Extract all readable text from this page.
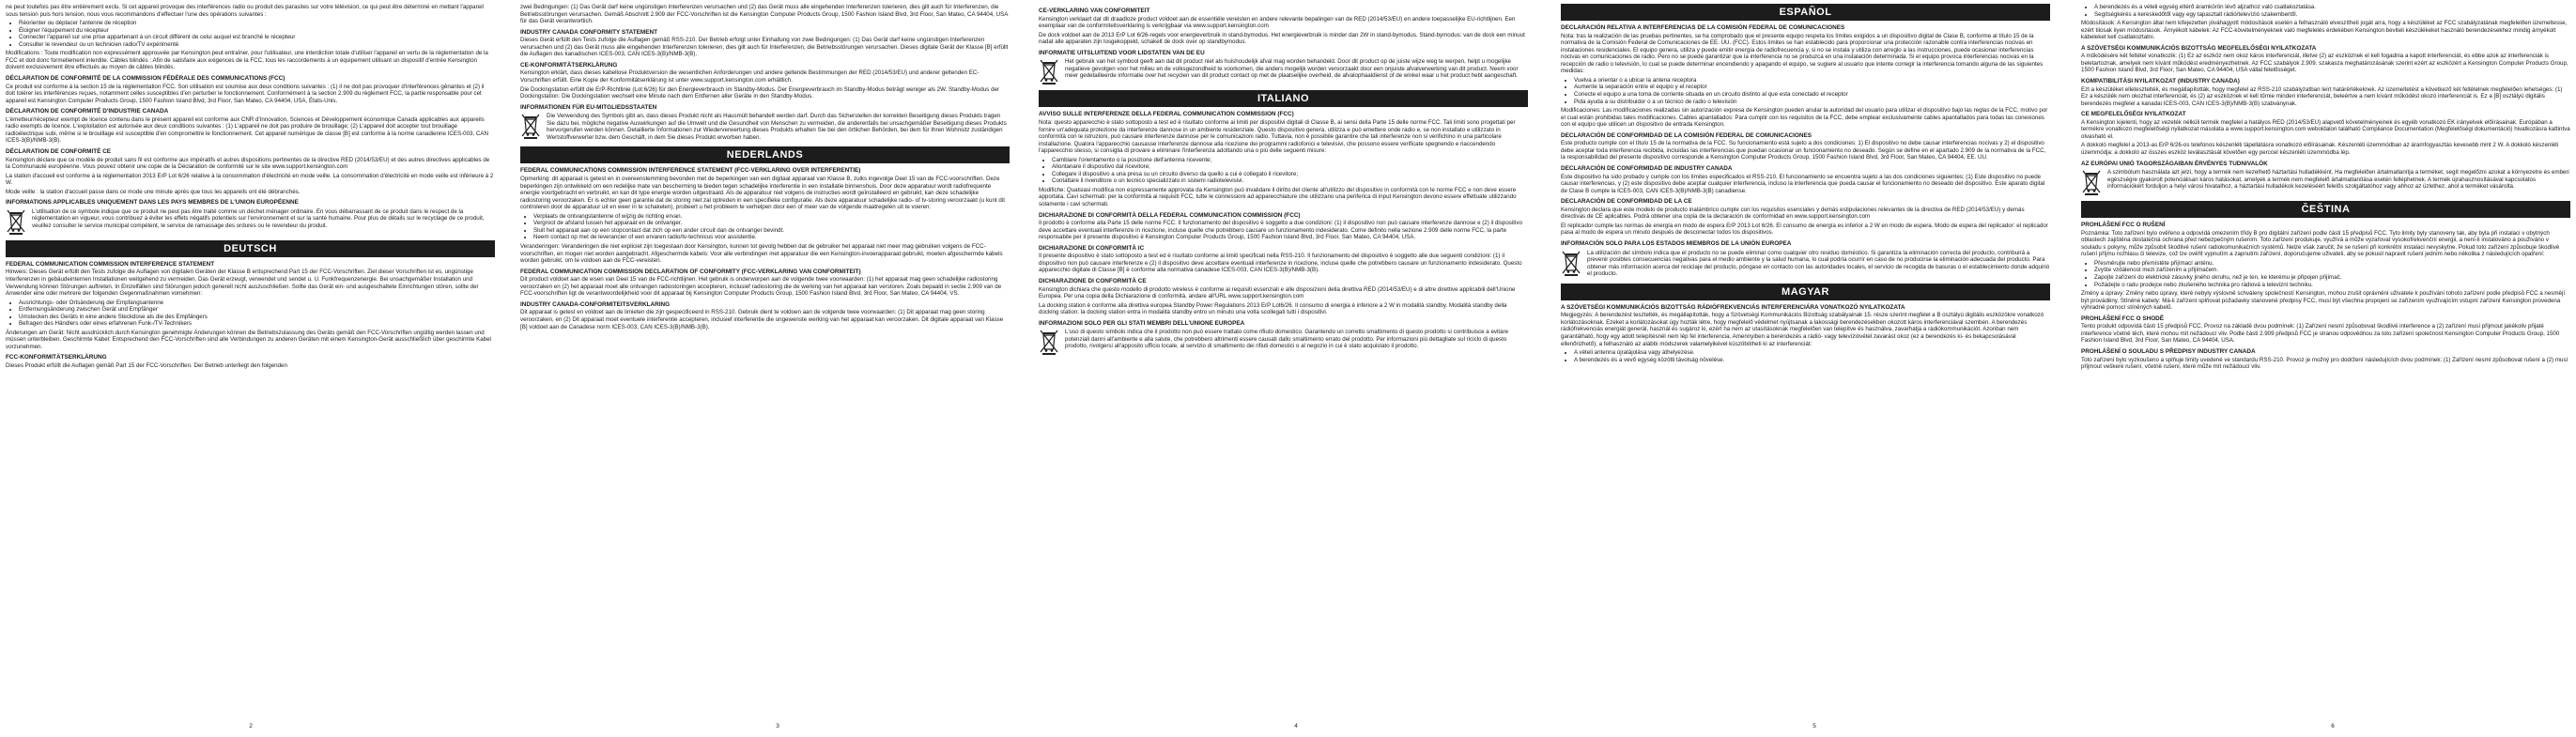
ne peut toutefois pas être entièrement exclu. Si cet appareil provoque des interférences radio ou produit des parasites sur votre télévision, ce qui peut être déterminé en mettant l'appareil sous tension puis hors tension, nous vous recommandons d'effectuer l'une des opérations suivantes :

• Réorienter ou déplacer l'antenne de réception
• Éloigner l'équipement du récepteur
• Connecter l'appareil sur une prise appartenant à un circuit différent de celui auquel est branché le récepteur
• Consulter le revendeur ou un technicien radio/TV expérimenté

Modifications : Toute modification non expressément approuvée par Kensington peut entraîner, pour l'utilisateur, une interdiction totale d'utiliser l'appareil en vertu de la réglementation de la FCC et doit donc formellement interdite. Câbles blindés : Afin de satisfaire aux exigences de la FCC, tous les raccordements à un équipement utilisant un dispositif d'entrée Kensington doivent exclusivement être effectués au moyen de câbles blindés.

DÉCLARATION DE CONFORMITÉ DE LA COMMISSION FÉDÉRALE DES COMMUNICATIONS (FCC)

Ce produit est conforme à la section 15 de la réglementation FCC. Son utilisation est soumise aux deux conditions suivantes : (1) il ne doit pas provoquer d'interférences gênantes et (2) il doit tolérer les interférences reçues, notamment celles susceptibles d'en perturber le fonctionnement. Conformément à la section 2.909 du règlement FCC, la partie responsable pour cet appareil est Kensington Computer Products Group, 1500 Fashion Island Blvd, 3rd Floor, San Mateo, CA 94404, USA, États-Unis.

DÉCLARATION DE CONFORMITÉ D'INDUSTRIE CANADA

L'émetteur/récepteur exempt de licence contenu dans le présent appareil est conforme aux CNR d'Innovation, Sciences et Développement économique Canada applicables aux appareils radio exempts de licence. L'exploitation est autorisée aux deux conditions suivantes : (1) L'appareil ne doit pas produire de brouillage; (2) L'appareil doit accepter tout brouillage radioélectrique subi, même si le brouillage est susceptible d'en compromettre le fonctionnement. Cet appareil numérique de classe [B] est conforme à la norme canadienne ICES-003, CAN ICES-3(B)/NMB-3(B).

DÉCLARATION DE CONFORMITÉ CE

Kensington déclare que ce modèle de produit sans fil est conforme aux impératifs et autres dispositions pertinentes de la directive RED (2014/53/EU) et des autres directives applicables de la Communauté européenne. Vous pouvez obtenir une copie de la Déclaration de conformité sur le site www.support.kensington.com

La station d'accueil est conforme à la réglementation 2013 ErP Lot 6/26 relative à la consommation d'électricité en mode veille. La consommation d'électricité en mode veille est inférieure à 2 W.

Mode veille : la station d'accueil passe dans ce mode une minute après que tous les appareils ont été débranchés.

INFORMATIONS APPLICABLES UNIQUEMENT DANS LES PAYS MEMBRES DE L'UNION EUROPÉENNE

L'utilisation de ce symbole indique que ce produit ne peut pas être traité comme un déchet ménager ordinaire. En vous débarrassant de ce produit dans le respect de la réglementation en vigueur, vous contribuez à éviter les effets négatifs potentiels sur l'environnement et sur la santé humaine. Pour plus de détails sur le recyclage de ce produit, veuillez consulter le service municipal compétent, le service de ramassage des ordures ou le revendeur du produit.

DEUTSCH
FEDERAL COMMUNICATION COMMISSION INTERFERENCE STATEMENT

Hinweis: Dieses Gerät erfüllt den Tests zufolge die Auflagen von digitalen Geräten der Klasse B entsprechend Part 15 der FCC-Vorschriften. Ziel dieser Vorschriften ist es, ungünstige Interferenzen in gebäudeinternen Installationen weitgehend zu vermeiden. Das Gerät erzeugt, verwendet und sendet u. U. Funkfrequenzenergie. Bei unsachgemäßer Installation und Verwendung können Störungen auftreten. In Einzelfällen sind Störungen jedoch generell nicht auszuschließen. Sollte das Gerät ein- und ausgeschaltete Einrichtungen stören, sollte der Anwender eine oder mehrere der folgenden Gegenmaßnahmen vornehmen:

• Ausrichtungs- oder Ortsänderung der Empfangsantenne
• Entfernungsänderung zwischen Gerät und Empfänger
• Umstecken des Geräts in eine andere Steckdose als die des Empfängers
• Befragen des Händlers oder eines erfahrenen Funk-/TV-Technikers

Änderungen am Gerät: Nicht ausdrücklich durch Kensington genehmigte Änderungen können die Betriebszulassung des Geräts gemäß den FCC-Vorschriften ungültig werden lassen und müssen unterbleiben. Geschirmte Kabel: Entsprechend den FCC-Vorschriften sind alle Verbindungen zu anderen Geräten mit einem Kensington-Gerät ausschließlich über geschirmte Kabel vorzunehmen.

FCC-KONFORMITÄTSERKLÄRUNG

Dieses Produkt erfüllt die Auflagen gemäß Part 15 der FCC-Vorschriften. Der Betrieb unterliegt den folgenden

zwei Bedingungen: (1) Das Gerät darf keine ungünstigen Interferenzen verursachen und (2) das Gerät muss alle eingehenden Interferenzen tolerieren, dies gilt auch für Interferenzen, die Betriebsstörungen verursachen. Gemäß Abschnitt 2.909 der FCC-Vorschriften ist die Kensington Computer Products Group, 1500 Fashion Island Blvd, 3rd Floor, San Mateo, CA 94404, USA für das Gerät verantwortlich.

INDUSTRY CANADA CONFORMITY STATEMENT

Dieses Gerät erfüllt den Tests zufolge die Auflagen gemäß RSS-210. Der Betrieb erfolgt unter Einhaltung von zwei Bedingungen: (1) Das Gerät darf keine ungünstigen Interferenzen verursachen und (2) das Gerät muss alle eingehenden Interferenzen tolerieren, dies gilt auch für Interferenzen, die Betriebsstörungen verursachen. Dieses digitale Gerät der Klasse [B] erfüllt die Auflagen des kanadischen ICES-003, CAN ICES-3(B)/NMB-3(B).

CE-KONFORMITÄTSERKLÄRUNG

Kensington erklärt, dass dieses kabellose Produktversion die wesentlichen Anforderungen und andere geltende Bestimmungen der RED (2014/53/EU) und anderer geltenden EC-Vorschriften erfüllt. Eine Kopie der Konformitätserklärung ist unter www.support.kensington.com erhältlich.

Die Dockingstation erfüllt die ErP-Richtlinie (Lot 6/26) für den Energieverbrauch im Standby-Modus. Der Energieverbrauch im Standby-Modus beträgt weniger als 2W. Standby-Modus der Dockingstation: Die Dockingstation wechselt eine Minute nach dem Entfernen aller Geräte in den Standby-Modus.

INFORMATIONEN FÜR EU-MITGLIEDSSTAATEN

Die Verwendung des Symbols gibt an, dass dieses Produkt nicht als Hausmüll behandelt werden darf. Durch das Sicherstellen der korrekten Beseitigung dieses Produkts tragen Sie dazu bei, mögliche negative Auswirkungen auf die Umwelt und die Gesundheit von Menschen zu vermeiden, die anderenfalls bei unsachgemäßer Beseitigung dieses Produkts hervorgerufen werden können. Detaillierte Informationen zur Wiederverwertung dieses Produkts erhalten Sie bei den örtlichen Behörden, bei dem für Ihren Wohnsitz zuständigen Wertstoffverwerter bzw. dem Geschäft, in dem Sie dieses Produkt erworben haben.

NEDERLANDS
FEDERAL COMMUNICATIONS COMMISSION INTERFERENCE STATEMENT (FCC-VERKLARING OVER INTERFERENTIE)

Opmerking: dit apparaat is getest en in overeenstemming bevonden met de beperkingen van een digitaal apparaat van Klasse B, zulks ingevolge Deel 15 van de FCC-voorschriften. Deze beperkingen zijn ontwikkeld om een redelijke mate van bescherming te bieden tegen schadelijke interferentie in een installatie binnenshuis. Door deze apparatuur wordt radiofrequente energie voortgebracht en verbruikt, en kan dit type energie worden uitgestraald. Als de apparatuur niet volgens de instructies wordt geïnstalleerd en gebruikt, kan deze schadelijke radiostoring veroorzaken. Er is echter geen garantie dat de storing niet zal optreden in een specifieke configuratie. Als deze apparatuur schadelijke radio- of tv-storing veroorzaakt (u kunt dit controleren door de apparatuur uit en weer in te schakelen), probeert u het probleem te verhelpen door een of meer van de volgende maatregelen uit te voeren:

• Verplaats de ontvangstantenne of wijzig de richting ervan.
• Vergroot de afstand tussen het apparaat en de ontvanger.
• Sluit het apparaat aan op een stopcontact dat zich op een ander circuit dan de ontvanger bevindt.
• Neem contact op met de leverancier of een ervaren radio/tv-technicus voor assistentie.

Veranderingen: Veranderingen die niet expliciet zijn toegestaan door Kensington, kunnen tot gevolg hebben dat de gebruiker het apparaat niet meer mag gebruiken volgens de FCC-voorschriften, en mogen niet worden aangebracht. Afgeschermde kabels: Voor alle verbindingen met apparatuur die een Kensington-invoerapparaat gebruikt, moeten afgeschermde kabels worden gebruikt, om te voldoen aan de FCC-vereisten.

FEDERAL COMMUNICATION COMMISSION DECLARATION OF CONFORMITY (FCC-VERKLARING VAN CONFORMITEIT)

Dit product voldoet aan de eisen van Deel 15 van de FCC-richtlijnen. Het gebruik is onderworpen aan de volgende twee voorwaarden: (1) het apparaat mag geen schadelijke radiostoring veroorzaken en (2) het apparaat moet alle ontvangen radiostoringen accepteren, inclusief radiostoring die de werking van het apparaat kan verstoren. Zoals bepaald in sectie 2.909 van de FCC-voorschriften ligt de verantwoordelijkheid voor dit apparaat bij Kensington Computer Products Group, 1500 Fashion Island Blvd, 3rd Floor, San Mateo, CA 94404, VS.

INDUSTRY CANADA-CONFORMITEITSVERKLARING

Dit apparaat is getest en voldoet aan de limieten die zijn gespecificeerd in RSS-210. Gebruik dient te voldoen aan de volgende twee voorwaarden: (1) Dit apparaat mag geen storing veroorzaken, en (2) Dit apparaat moet eventuele interferentie accepteren, inclusief interferentie die ongewenste werking van het apparaat kan veroorzaken. Dit digitale apparaat van Klasse [B] voldoet aan de Canadese norm ICES-003, CAN ICES-3(B)/NMB-3(B).

CE-VERKLARING VAN CONFORMITEIT

Kensington verklaart dat dit draadloze product voldoet aan de essentiële vereisten en andere relevante bepalingen van de RED (2014/53/EU) en andere toepasselijke EU-richtlijnen. Een exemplaar van de conformiteitsverklaring is verkrijgbaar via www.support.kensington.com

De dock voldoet aan de 2013 ErP Lot 6/26-regels voor energieverbruik in stand-bymodus. Het energieverbruik is minder dan 2W in stand-bymodus. Stand-bymodus: van de dock een minuut nadat alle apparaten zijn losgekoppeld, schakelt de dock over op standbymodus.

INFORMATIE UITSLUITEND VOOR LIDSTATEN VAN DE EU

Het gebruik van het symbool geeft aan dat dit product niet als huishoudelijk afval mag worden behandeld. Door dit product op de juiste wijze weg te werpen, helpt u mogelijke negatieve gevolgen voor het milieu en de volksgezondheid te voorkomen, die anders mogelijk worden veroorzaakt door een onjuiste afvalverwerking van dit product. Neem voor meer gedetailleerde informatie over het recyclen van dit product contact op met de plaatselijke overheid, de afvalophaaldienst of de winkel waar u het product hebt aangeschaft.

ITALIANO
AVVISO SULLE INTERFERENZE DELLA FEDERAL COMMUNICATION COMMISSION (FCC)

Nota: questo apparecchio è stato sottoposto a test ed è risultato conforme ai limiti per dispositivi digitali di Classe B, ai sensi della Parte 15 delle norme FCC. Tali limiti sono progettati per fornire un'adeguata protezione da interferenze dannose in un ambiente residenziale. Questo dispositivo genera, utilizza e può emettere onde radio e, se non installato e utilizzato in conformità con le istruzioni, può causare interferenze dannose per le comunicazioni radio. Tuttavia, non è possibile garantire che tali interferenze non si verifichino in una particolare installazione. Qualora l'apparecchio causasse interferenze dannose alla ricezione dei programmi radiofonici e televisivi, che possono essere verificate spegnendo e riaccendendo l'apparecchio stesso, si consiglia di provare a eliminare l'interferenza adottando una o più delle seguenti misure:

• Cambiare l'orientamento o la posizione dell'antenna ricevente;
• Allontanare il dispositivo dal ricevitore;
• Collegare il dispositivo a una presa su un circuito diverso da quello a cui è collegato il ricevitore;
• Contattare il rivenditore o un tecnico specializzato in sistemi radiotelevisivi.

Modifiche: Qualsiasi modifica non espressamente approvata da Kensington può invalidare il diritto del cliente all'utilizzo del dispositivo in conformità con le norme FCC e non deve essere apportata. Cavi schermati: per la conformità ai requisiti FCC, tutte le connessioni ad apparecchiature che utilizzano una periferica di input Kensington devono essere effettuate utilizzando solamente i cavi schermati.

DICHIARAZIONE DI CONFORMITÀ DELLA FEDERAL COMMUNICATION COMMISSION (FCC)

Il prodotto è conforme alla Parte 15 delle norme FCC. Il funzionamento del dispositivo è soggetto a due condizioni: (1) il dispositivo non può causare interferenze dannose e (2) il dispositivo deve accettare eventuali interferenze in ricezione, incluse quelle che potrebbero causare un funzionamento indesiderato. Come definito nella sezione 2.909 delle norme FCC, la parte responsabile per il presente dispositivo è Kensington Computer Products Group, 1500 Fashion Island Blvd, 3rd Floor, San Mateo, CA 94404, USA.

DICHIARAZIONE DI CONFORMITÀ IC

Il presente dispositivo è stato sottoposto a test ed è risultato conforme ai limiti specificati nella RSS-210. Il funzionamento del dispositivo è soggetto alle due seguenti condizioni: (1) il dispositivo non può causare interferenze e (2) il dispositivo deve accettare eventuali interferenze in ricezione, incluse quelle che potrebbero causare un funzionamento indesiderato. Questo apparecchio digitale di Classe [B] è conforme alla normativa canadese ICES-003, CAN ICES-3(B)/NMB-3(B).

DICHIARAZIONE DI CONFORMITÀ CE

Kensington dichiara che questo modello di prodotto wireless è conforme ai requisiti essenziali e alle disposizioni della direttiva RED (2014/53/EU) e di altre direttive applicabili dell'Unione Europea. Per una copia della Dichiarazione di conformità, andare all'URL www.support.kensington.com

La docking station è conforme alla direttiva europea Standby Power Regulations 2013 ErP Lot6/26. Il consumo di energia è inferiore a 2 W in modalità standby. Modalità standby della docking station: la docking station entra in modalità standby entro un minuto una volta scollegati tutti i dispositivi.

INFORMAZIONI SOLO PER GLI STATI MEMBRI DELL'UNIONE EUROPEA

L'uso di questo simbolo indica che il prodotto non può essere trattato come rifiuto domestico. Garantendo un corretto smaltimento di questo prodotto si contribuisce a evitare potenziali danni all'ambiente e alla salute, che potrebbero altrimenti essere causati dallo smaltimento errato del prodotto. Per informazioni più dettagliate sul riciclo di questo prodotto, rivolgersi all'apposito ufficio locale, al servizio di smaltimento dei rifiuti domestici o al negozio in cui è stato acquistato il prodotto.

ESPAÑOL
DECLARACIÓN RELATIVA A INTERFERENCIAS DE LA COMISIÓN FEDERAL DE COMUNICACIONES

Nota: tras la realización de las pruebas pertinentes, se ha comprobado que el presente equipo respeta los límites exigidos a un dispositivo digital de Clase B, conforme al título 15 de la normativa de la Comisión Federal de Comunicaciones de EE. UU. (FCC). Estos límites se han establecido para proporcionar una protección razonable contra interferencias nocivas en instalaciones residenciales. El equipo genera, utiliza y puede emitir energía de radiofrecuencia y, si no se instala y utiliza con arreglo a las instrucciones, puede ocasionar interferencias nocivas en comunicaciones de radio. Pero no se puede garantizar que la interferencia no se produzca en una instalación determinada. Si el equipo provoca interferencias nocivas en la recepción de radio o televisión, lo cual se puede determinar encendiendo y apagando el equipo, se sugiere al usuario que intente corregir la interferencia tomando alguna de las siguientes medidas:

• Vuelva a orientar o a ubicar la antena receptora
• Aumente la separación entre el equipo y el receptor
• Conecte el equipo a una toma de corriente situada en un circuito distinto al que esta conectado el receptor
• Pida ayuda a su distribuidor o a un técnico de radio o televisión

Modificaciones: Las modificaciones realizadas sin autorización expresa de Kensington pueden anular la autoridad del usuario para utilizar el dispositivo bajo las reglas de la FCC, motivo por el cual están prohibidas tales modificaciones. Cables apantallados: Para cumplir con los requisitos de la FCC, debe emplear exclusivamente cables apantallados para todas las conexiones con el equipo que utilicen un dispositivo de entrada Kensington.

DECLARACIÓN DE CONFORMIDAD DE LA COMISIÓN FEDERAL DE COMUNICACIONES

Este producto cumple con el título 15 de la normativa de la FCC. Su funcionamiento está sujeto a dos condiciones: 1) El dispositivo no debe causar interferencias nocivas y 2) el dispositivo debe aceptar toda interferencia recibida, incluidas las interferencias que puedan ocasionar un funcionamiento no deseado. Según se define en el apartado 2.909 de la normativa de la FCC, la responsabilidad del presente dispositivo corresponde a Kensington Computer Products Group, 1500 Fashion Island Blvd, 3rd Floor, San Mateo, CA 94404, EE. UU.

DECLARACIÓN DE CONFORMIDAD DE INDUSTRY CANADA

Este dispositivo ha sido probado y cumple con los límites especificados el RSS-210. El funcionamiento se encuentra sujeto a las dos condiciones siguientes: (1) Este dispositivo no puede causar interferencias, y (2) este dispositivo debe aceptar cualquier interferencia, incluso la interferencia que pueda causar el funcionamiento no deseado del dispositivo. Este aparato digital de Clase B cumple la ICES-003, CAN ICES-3(B)/NMB-3(B) canadiense.

DECLARACIÓN DE CONFORMIDAD DE LA CE

Kensington declara que este modelo de producto inalámbrico cumple con los requisitos esenciales y demás estipulaciones relevantes de la directiva de RED (2014/53/EU) y demás directivas de CE aplicables. Podrá obtener una copia de la declaración de conformidad en www.support.kensington.com

El replicador cumple las normas de energía en modo de espera ErP 2013 Lot 6/26. El consumo de energía es inferior a 2 W en modo de espera. Modo de espera del replicador: el replicador pasa al modo de espera un minuto después de desconectar todos los dispositivos.

INFORMACIÓN SOLO PARA LOS ESTADOS MIEMBROS DE LA UNIÓN EUROPEA

La utilización del símbolo indica que el producto no se puede eliminar como cualquier otro residuo doméstico. Si garantiza la eliminación correcta del producto, contribuirá a prevenir posibles consecuencias negativas para el medio ambiente y la salud humana, lo cual podría ocurrir en caso de no producirse la eliminación adecuada del producto. Para obtener más información acerca del reciclaje del producto, póngase en contacto con las autoridades locales, el servicio de recogida de basuras o el establecimiento donde adquirió el producto.

MAGYAR
A SZÖVETSÉGI KOMMUNIKÁCIÓS BIZOTTSÁG RÁDIÓFREKVENCIÁS INTERFERENCIÁRA VONATKOZÓ NYILATKOZATA

Megjegyzés: A berendezést tesztelték, és megállapították, hogy a Szövetségi Kommunikációs Bizottság szabályainak 15. része szerint megfelel a B osztályú digitális eszközökre vonatkozó korlátozásoknak. Ezeket a korlátozásokat úgy hozták létre, hogy megfelelő védelmet nyújtsanak a lakossági berendezésekben okozott káros interferenciával szemben. A berendezés rádiófrekvenciás energiát generál, használ és sugároz ki, ezért ha nem az utasításoknak megfelelően van telepítve és használva, zavarhatja a rádiókommunikációt. Azonban nem garantálható, hogy egy adott telepítésnél nem lép fel interferencia. Amennyiben a berendezés a rádió- vagy televízióvétel zavarást okoz (ez a berendezés ki- és bekapcsolásával ellenőrizhető), a felhasználó az alábbi módszerek valamelyikével küszöbölheti ki az interferenciát:

• A vételi antenna újratájolása vagy áthelyezése.
• A berendezés és a vevő egység közötti távolság növelése.
• A berendezés és a vételi egység eltérő áramkörön lévő aljzathoz való csatlakoztatása.
• Segítségkérés a kereskedőtől vagy egy tapasztalt rádió/televízió szakembertől.

Módosítások: A Kensington által nem kifejezetten jóváhagyott módosítások esetén a felhasználó elveszítheti jogát arra, hogy a készüléket az FCC szabályzatának megfelelően üzemeltesse, ezért tilosak ilyen módosítások. Árnyékolt kábelek: Az FCC-követelményeknek való megfelelés érdekében Kensington beviteli készülékeket használó berendezésekhez mindig árnyékolt kábeleket kell csatlakoztatni.

A SZÖVETSÉGI KOMMUNIKÁCIÓS BIZOTTSÁG MEGFELELŐSÉGI NYILATKOZATA

A működésére két feltétel vonatkozik: (1) Ez az eszköz nem okoz káros interferenciát, illetve (2) az eszköznek el kell fogadnia a kapott interferenciát, és ebbe azok az interferenciák is beletartoznak, amelyek nem kívánt működést eredményezhetnek. Az FCC szabályok 2.909. szakasza meghatározásának szerint ezért az eszközért a Kensington Computer Products Group, 1500 Fashion Island Blvd, 3rd Floor, San Mateo, CA 94404, USA vállal felelősséget.

KOMPATIBILITÁSI NYILATKOZAT (INDUSTRY CANADA)

Ezt a készüléket elletesztelték, és megállapították, hogy megfelel az RSS-210 szabályzatban leírt határértékeknek. Az üzemeltetést a következő két feltételnek megfelelően lehetséges: (1) Ez a készülék nem okozhat interferenciát, és (2) az eszköznek el kell tűrnie minden interferenciát, beleértve a nem kívánt működést okozó interferenciát is. Ez a [B] osztályú digitális berendezés megfelel a kanadai ICES-003, CAN ICES-3(B)/NMB-3(B) szabványnak.

CE MEGFELELŐSÉGI NYILATKOZAT

A Kensington kijelenti, hogy az vezeték nélküli termék megfelel a hatályos RED (2014/53/EU) alapvető követelményeinek és egyéb vonatkozó EK irányelvek előírásainak. Európában a termékre vonatkozó megfelelőségi nyilatkozat másolata a www.support.kensington.com weboldalon található Compliance Documentation (Megfelelőségi dokumentáció) hivatkozásra kattintva olvasható el.

A dokkoló megfelel a 2013-as ErP 6/26-os telefonos készenléti tápellátásra vonatkozó előírásainak. Készenléti üzemmódban az áramfogyasztás kevesebb mint 2 W. A dokkoló készenléti üzemmódja: a dokkoló az összes eszköz leválasztását követően egy perccel készenléti üzemmódba lép.

AZ EURÓPAI UNIÓ TAGORSZÁGAIBAN ÉRVÉNYES TUDNIVALÓK

A szimbólum használata azt jelzi, hogy a termék nem kezelhető háztartási hulladékként. Ha megfelelően ártalmatlanítja a terméket, segít megelőzni azokat a környezetre és emberi egészségre gyakorolt potenciálisan káros hatásokat, amelyek a termék nem megfelelő ártalmatlanítása esetén felléphetnek. A termék újrahasznosításával kapcsolatos információkért forduljon a helyi városi hivatalhoz, a háztartási hulladékok kezeléséért felelős szolgáltatóhoz vagy ahhoz az üzlethez, ahol a terméket vásárolta.

ČEŠTINA
PROHLÁŠENÍ FCC O RUŠENÍ

Poznámka: Toto zařízení bylo ověřeno a odpovídá omezením třídy B pro digitální zařízení podle části 15 předpisů FCC. Tyto limity byly stanoveny tak, aby byla při instalaci v obytných oblastech zajištěna dostatečná ochrana před nebezpečným rušením. Toto zařízení produkuje, využívá a může vyzařovat vysokofrekvenční energii, a není-li instalováno a používáno v souladu s pokyny, může způsobit škodlivé rušení radiokomunikačních systémů. Nelze však zaručit, že se rušení při konkrétní instalaci nevyskytne. Pokud toto zařízení způsobuje škodlivé rušení příjmu rozhlasu či televize, což lze ověřit vypnutím a zapnutím zařízení, doporučujeme uživateli, aby se pokusil napravit rušení jedním nebo několika z následujících opatření:

• Přesměrujte nebo přemístěte přijímací anténu.
• Zvyšte vzdálenost mezi zařízením a přijímačem.
• Zapojte zařízení do elektrické zásuvky jiného okruhu, než je ten, ke kterému je připojen přijímač.
• Požádejte o radu prodejce nebo zkušeného technika pro rádiová a televizní techniku.

Změny a úpravy: Změny nebo úpravy, které nebyly výslovně schváleny společností Kensington, mohou zrušit oprávnění uživatele k používání tohoto zařízení podle předpisů FCC a nesmějí být prováděny. Stíněné kabely: Má-li zařízení splňovat požadavky stanovené předpisy FCC, musí být všechna propojení se zařízením využívajícím vstupní zařízení Kensington provedena výhradně pomocí stíněných kabelů.

PROHLÁŠENÍ FCC O SHODĚ

Tento produkt odpovídá části 15 předpisů FCC. Provoz na základě dvou podmínek: (1) Zařízení nesmí způsobovat škodlivé interference a (2) zařízení musí přijmout jakékoliv přijaté interference včetně těch, které mohou mít nežádoucí vliv. Podle části 2.909 předpisů FCC je stranou odpovědnou za toto zařízení společnost Kensington Computer Products Group, 1500 Fashion Island Blvd, 3rd Floor, San Mateo, CA 94404, USA.

PROHLÁŠENÍ O SOULADU S PŘEDPISY INDUSTRY CANADA

Toto zařízení bylo vyzkoušeno a splňuje limity uvedené ve standardu RSS-210. Provoz je možný pro dodržení následujících dvou podmínek: (1) Zařízení nesmí způsobovat rušení a (2) musí přijmout veškeré rušení, včetně rušení, které může mít nežádoucí vliv.

2	3	4	5	6
